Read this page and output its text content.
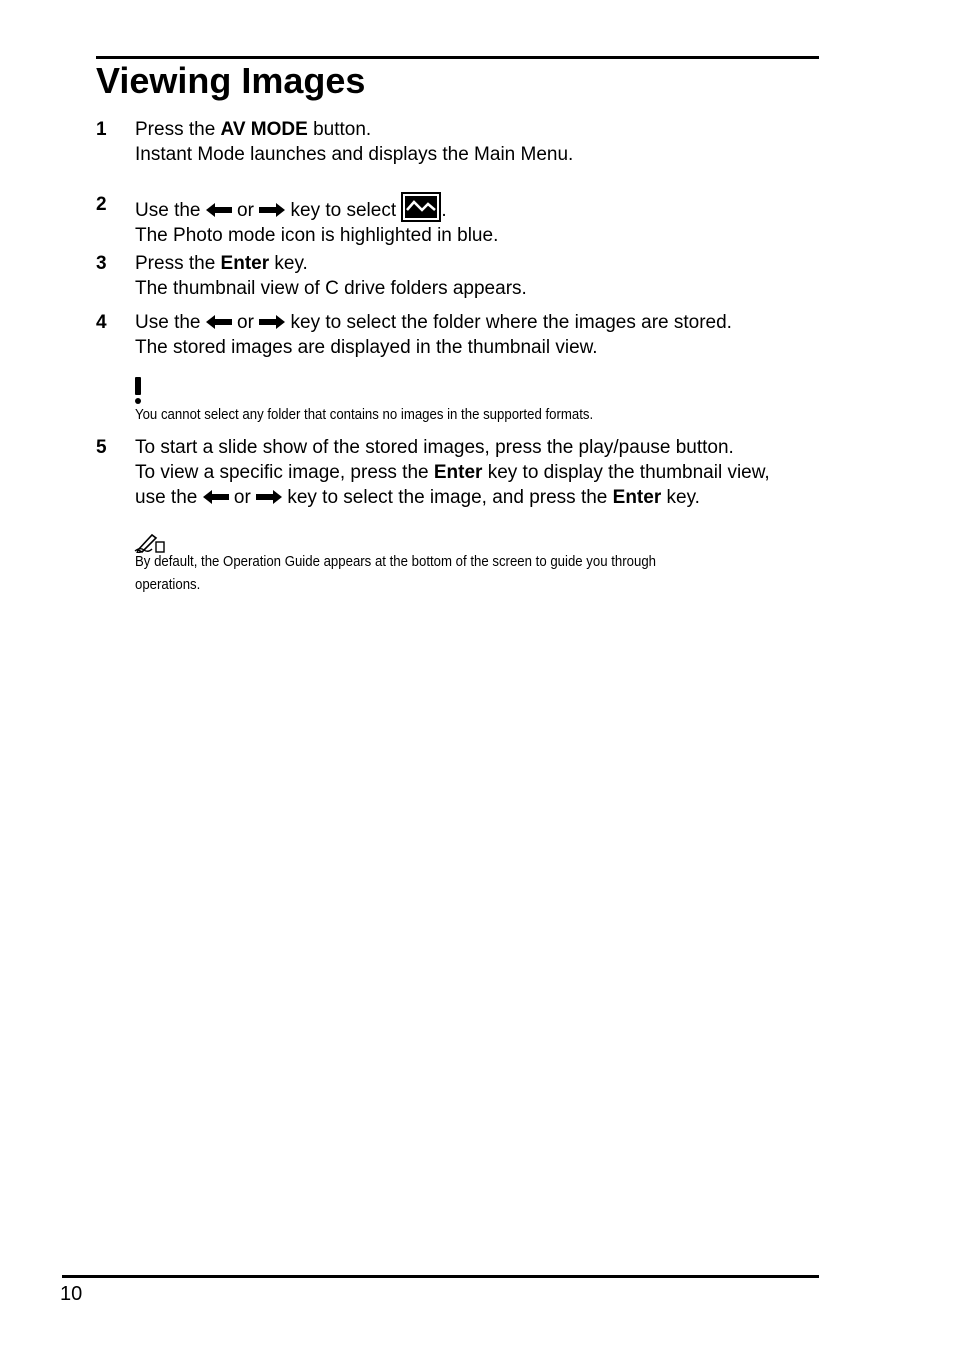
Viewing Images
1 Press the AV MODE button.
Instant Mode launches and displays the Main Menu.
2 Use the  or  key to select .
The Photo mode icon is highlighted in blue.
3 Press the Enter key.
The thumbnail view of C drive folders appears.
4 Use the  or  key to select the folder where the images are stored.
The stored images are displayed in the thumbnail view.
You cannot select any folder that contains no images in the supported formats.
5 To start a slide show of the stored images, press the play/pause button.
To view a specific image, press the Enter key to display the thumbnail view,
use the  or  key to select the image, and press the Enter key.
By default, the Operation Guide appears at the bottom of the screen to guide you through
operations.
10
